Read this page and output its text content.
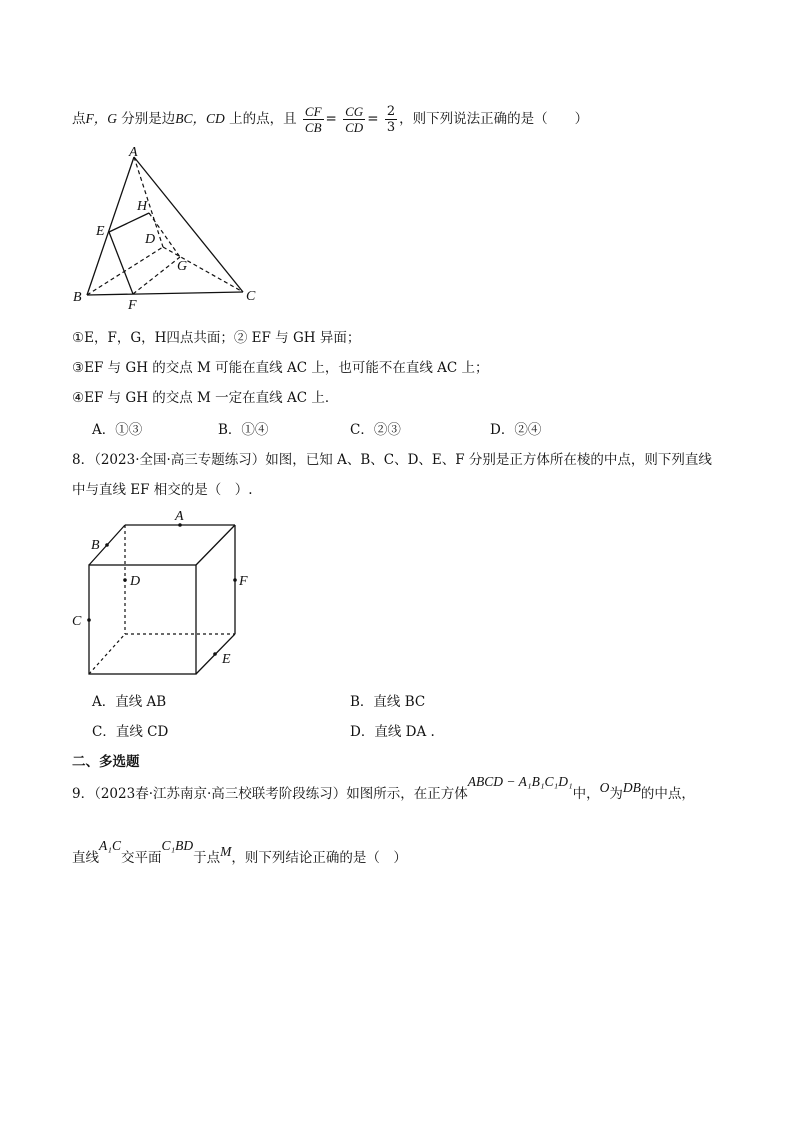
点F，G 分别是边BC，CD 上的点，且 $\frac{CF}{CB} = \frac{CG}{CD} = \frac{2}{3}$ ，则下列说法正确的是（　　）
A
B	C
D
E
F
G
H
①E，F，G，H四点共面；② EF 与 GH 异面；
③EF 与 GH 的交点 M 可能在直线 AC 上，也可能不在直线 AC 上；
④EF 与 GH 的交点 M 一定在直线 AC 上．
A．①③	B．①④	C．②③	D．②④
8．（2023·全国·高三专题练习）如图，已知 A、B、C、D、E、F 分别是正方体所在棱的中点，则下列直线
中与直线 EF 相交的是（　）.
A
B
C
D
E
F
A．直线 AB	B．直线 BC
C．直线 CD	D．直线 DA .
二、多选题
9．（2023春·江苏南京·高三校联考阶段练习）如图所示，在正方体ABCD − A₁B₁C₁D₁中，O为DB的中点，
直线A₁C交平面C₁BD于点M，则下列结论正确的是（　）
